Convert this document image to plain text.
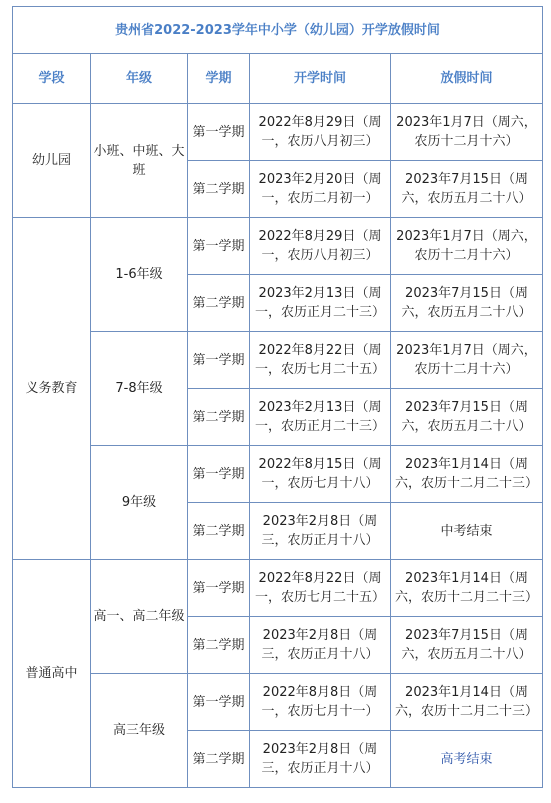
贵州省2022-2023学年中小学（幼儿园）开学放假时间				
学段	年级	学期	开学时间	放假时间
幼儿园	小班、中班、大班	第一学期	2022年8月29日（周一，农历八月初三）	2023年1月7日（周六，农历十二月十六）
		第二学期	2023年2月20日（周一，农历二月初一）	2023年7月15日（周六，农历五月二十八）
义务教育	1-6年级	第一学期	2022年8月29日（周一，农历八月初三）	2023年1月7日（周六，农历十二月十六）
		第二学期	2023年2月13日（周一，农历正月二十三）	2023年7月15日（周六，农历五月二十八）
	7-8年级	第一学期	2022年8月22日（周一，农历七月二十五）	2023年1月7日（周六，农历十二月十六）
		第二学期	2023年2月13日（周一，农历正月二十三）	2023年7月15日（周六，农历五月二十八）
	9年级	第一学期	2022年8月15日（周一，农历七月十八）	2023年1月14日（周六，农历十二月二十三）
		第二学期	2023年2月8日（周三，农历正月十八）	中考结束
普通高中	高一、高二年级	第一学期	2022年8月22日（周一，农历七月二十五）	2023年1月14日（周六，农历十二月二十三）
		第二学期	2023年2月8日（周三，农历正月十八）	2023年7月15日（周六，农历五月二十八）
	高三年级	第一学期	2022年8月8日（周一，农历七月十一）	2023年1月14日（周六，农历十二月二十三）
		第二学期	2023年2月8日（周三，农历正月十八）	高考结束
